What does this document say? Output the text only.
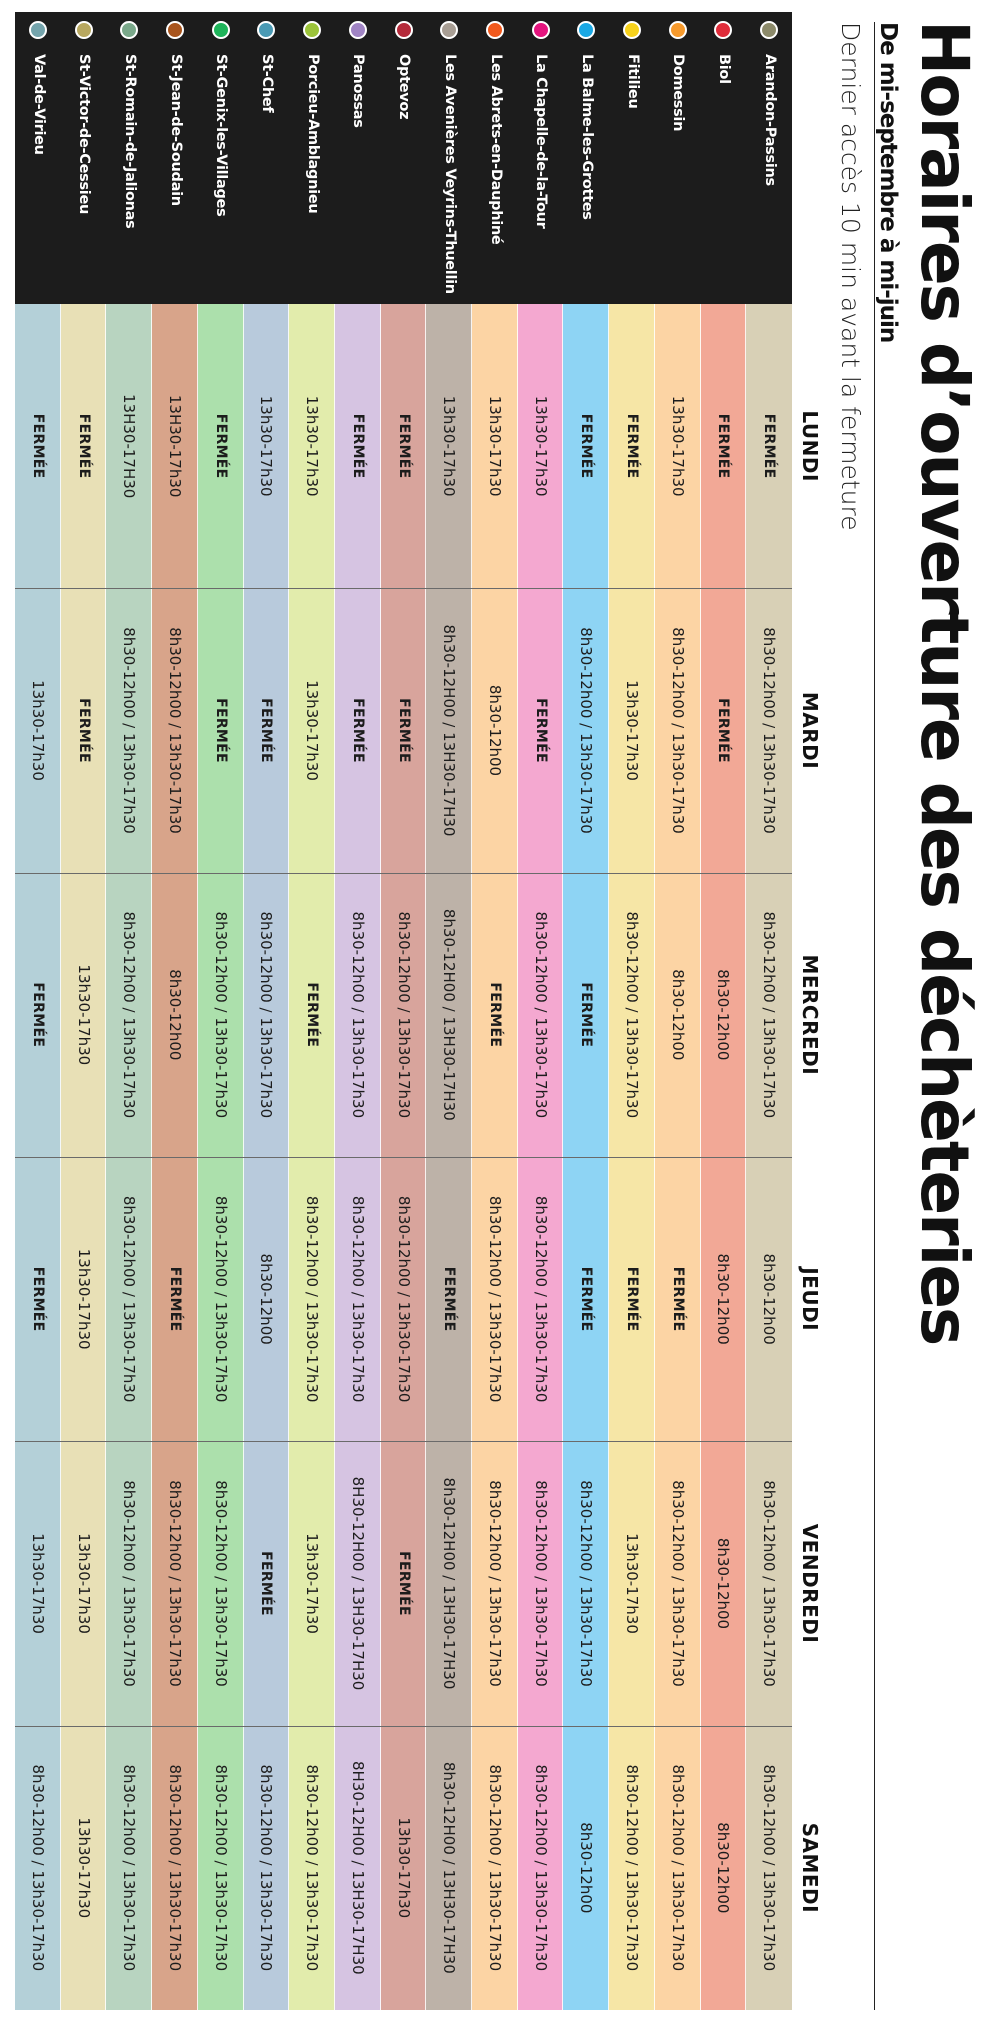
Horaires d’ouverture des déchèteries
De mi-septembre à mi-juin
Dernier accès 10 min avant la fermeture
LUNDI
MARDI
MERCREDI
JEUDI
VENDREDI
SAMEDI
Arandon-Passins
FERMÉE
8h30-12h00 / 13h30-17h30
8h30-12h00 / 13h30-17h30
8h30-12h00
8h30-12h00 / 13h30-17h30
8h30-12h00 / 13h30-17h30
Biol
FERMÉE
FERMÉE
8h30-12h00
8h30-12h00
8h30-12h00
8h30-12h00
Domessin
13h30-17h30
8h30-12h00 / 13h30-17h30
8h30-12h00
FERMÉE
8h30-12h00 / 13h30-17h30
8h30-12h00 / 13h30-17h30
Fitilieu
FERMÉE
13h30-17h30
8h30-12h00 / 13h30-17h30
FERMÉE
13h30-17h30
8h30-12h00 / 13h30-17h30
La Balme-les-Grottes
FERMÉE
8h30-12h00 / 13h30-17h30
FERMÉE
FERMÉE
8h30-12h00 / 13h30-17h30
8h30-12h00
La Chapelle-de-la-Tour
13h30-17h30
FERMÉE
8h30-12h00 / 13h30-17h30
8h30-12h00 / 13h30-17h30
8h30-12h00 / 13h30-17h30
8h30-12h00 / 13h30-17h30
Les Abrets-en-Dauphiné
13h30-17h30
8h30-12h00
FERMÉE
8h30-12h00 / 13h30-17h30
8h30-12h00 / 13h30-17h30
8h30-12h00 / 13h30-17h30
Les Avenières Veyrins-Thuellin
13h30-17h30
8h30-12H00 / 13H30-17H30
8h30-12H00 / 13H30-17H30
FERMÉE
8h30-12H00 / 13H30-17H30
8h30-12H00 / 13H30-17H30
Optevoz
FERMÉE
FERMÉE
8h30-12h00 / 13h30-17h30
8h30-12h00 / 13h30-17h30
FERMÉE
13h30-17h30
Panossas
FERMÉE
FERMÉE
8h30-12h00 / 13h30-17h30
8h30-12h00 / 13h30-17h30
8H30-12H00 / 13H30-17H30
8H30-12H00 / 13H30-17H30
Porcieu-Amblagnieu
13h30-17h30
13h30-17h30
FERMÉE
8h30-12h00 / 13h30-17h30
13h30-17h30
8h30-12h00 / 13h30-17h30
St-Chef
13h30-17h30
FERMÉE
8h30-12h00 / 13h30-17h30
8h30-12h00
FERMÉE
8h30-12h00 / 13h30-17h30
St-Genix-les-Villages
FERMÉE
FERMÉE
8h30-12h00 / 13h30-17h30
8h30-12h00 / 13h30-17h30
8h30-12h00 / 13h30-17h30
8h30-12h00 / 13h30-17h30
St-Jean-de-Soudain
13H30-17h30
8h30-12h00 / 13h30-17h30
8h30-12h00
FERMÉE
8h30-12h00 / 13h30-17h30
8h30-12h00 / 13h30-17h30
St-Romain-de-Jalionas
13H30-17H30
8h30-12h00 / 13h30-17h30
8h30-12h00 / 13h30-17h30
8h30-12h00 / 13h30-17h30
8h30-12h00 / 13h30-17h30
8h30-12h00 / 13h30-17h30
St-Victor-de-Cessieu
FERMÉE
FERMÉE
13h30-17h30
13h30-17h30
13h30-17h30
13h30-17h30
Val-de-Virieu
FERMÉE
13h30-17h30
FERMÉE
FERMÉE
13h30-17h30
8h30-12h00 / 13h30-17h30
